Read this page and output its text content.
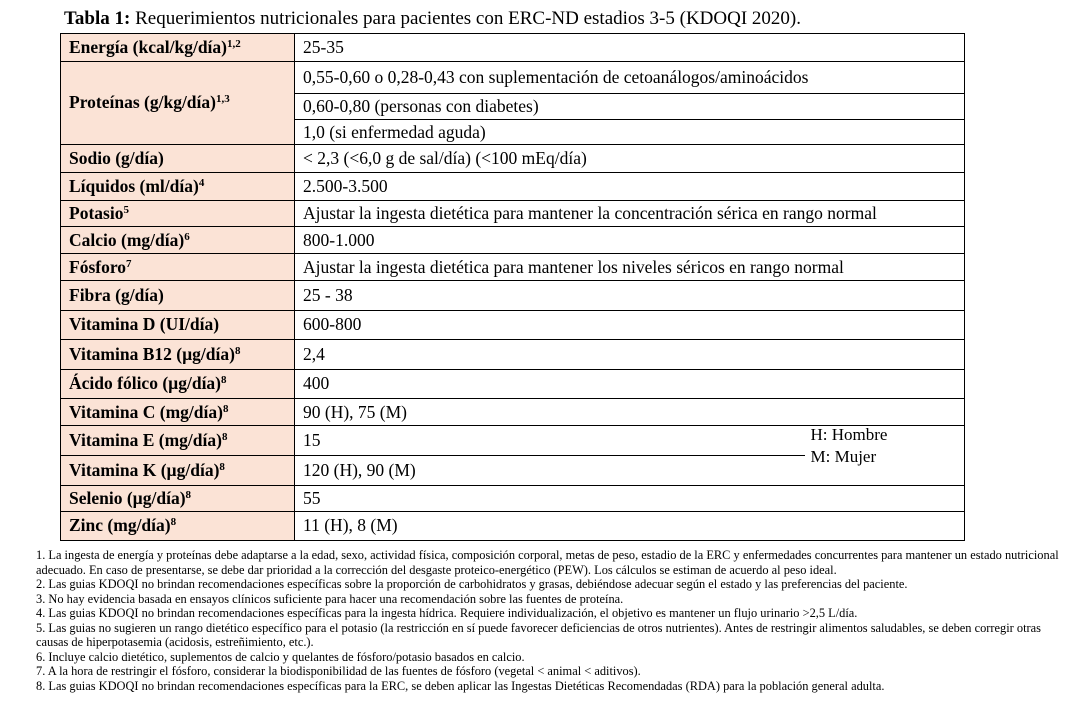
Tabla 1: Requerimientos nutricionales para pacientes con ERC-ND estadios 3-5 (KDOQI 2020).
Energía (kcal/kg/día)$^{1,2}$	25-35	
Proteínas (g/kg/día)$^{1,3}$	0,55-0,60 o 0,28-0,43 con suplementación de cetoanálogos/aminoácidos	
	0,60-0,80 (personas con diabetes)	
	1,0 (si enfermedad aguda)	
Sodio (g/día)	< 2,3 (<6,0 g de sal/día) (<100 mEq/día)	
Líquidos (ml/día)$^4$	2.500-3.500	
Potasio$^5$	Ajustar la ingesta dietética para mantener la concentración sérica en rango normal	
Calcio (mg/día)$^6$	800-1.000	
Fósforo$^7$	Ajustar la ingesta dietética para mantener los niveles séricos en rango normal	
Fibra (g/día)	25 - 38	
Vitamina D (UI/día)	600-800	
Vitamina B12 (µg/día)$^8$	2,4	
Ácido fólico (µg/día)$^8$	400	
Vitamina C (mg/día)$^8$	90 (H), 75 (M)	
Vitamina E (mg/día)$^8$	15	H: Hombre
M: Mujer

Vitamina K (µg/día)$^8$	120 (H), 90 (M)	
Selenio (µg/día)$^8$	55	
Zinc (mg/día)$^8$	11 (H), 8 (M)	

1. La ingesta de energía y proteínas debe adaptarse a la edad, sexo, actividad física, composición corporal, metas de peso, estadio de la ERC y enfermedades concurrentes para mantener un estado nutricional adecuado. En caso de presentarse, se debe dar prioridad a la corrección del desgaste proteico-energético (PEW). Los cálculos se estiman de acuerdo al peso ideal.

2. Las guias KDOQI no brindan recomendaciones específicas sobre la proporción de carbohidratos y grasas, debiéndose adecuar según el estado y las preferencias del paciente.

3. No hay evidencia basada en ensayos clínicos suficiente para hacer una recomendación sobre las fuentes de proteína.

4. Las guias KDOQI no brindan recomendaciones específicas para la ingesta hídrica. Requiere individualización, el objetivo es mantener un flujo urinario >2,5 L/día.

5. Las guias no sugieren un rango dietético específico para el potasio (la restricción en sí puede favorecer deficiencias de otros nutrientes). Antes de restringir alimentos saludables, se deben corregir otras causas de hiperpotasemia (acidosis, estreñimiento, etc.).

6. Incluye calcio dietético, suplementos de calcio y quelantes de fósforo/potasio basados en calcio.

7. A la hora de restringir el fósforo, considerar la biodisponibilidad de las fuentes de fósforo (vegetal < animal < aditivos).

8. Las guias KDOQI no brindan recomendaciones específicas para la ERC, se deben aplicar las Ingestas Dietéticas Recomendadas (RDA) para la población general adulta.
